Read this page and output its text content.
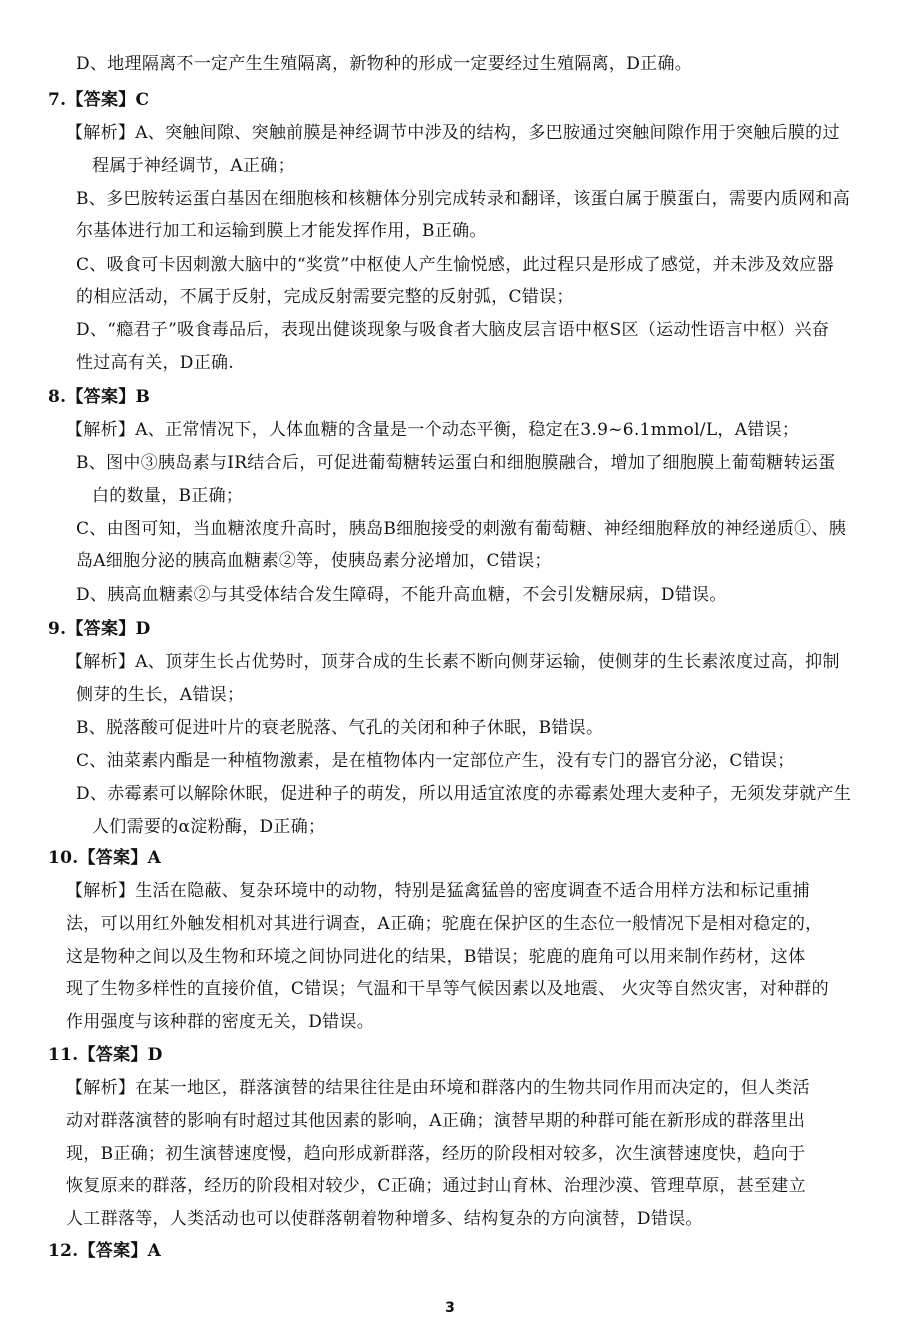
D、地理隔离不一定产生生殖隔离，新物种的形成一定要经过生殖隔离，D正确。
7.【答案】C
【解析】A、突触间隙、突触前膜是神经调节中涉及的结构，多巴胺通过突触间隙作用于突触后膜的过
程属于神经调节，A正确；
B、多巴胺转运蛋白基因在细胞核和核糖体分别完成转录和翻译，该蛋白属于膜蛋白，需要内质网和高
尔基体进行加工和运输到膜上才能发挥作用，B正确。
C、吸食可卡因刺激大脑中的“奖赏”中枢使人产生愉悦感，此过程只是形成了感觉，并未涉及效应器
的相应活动，不属于反射，完成反射需要完整的反射弧，C错误；
D、“瘾君子”吸食毒品后，表现出健谈现象与吸食者大脑皮层言语中枢S区（运动性语言中枢）兴奋
性过高有关，D正确.
8.【答案】B
【解析】A、正常情况下，人体血糖的含量是一个动态平衡，稳定在3.9~6.1mmol/L，A错误；
B、图中③胰岛素与IR结合后，可促进葡萄糖转运蛋白和细胞膜融合，增加了细胞膜上葡萄糖转运蛋
白的数量，B正确；
C、由图可知，当血糖浓度升高时，胰岛B细胞接受的刺激有葡萄糖、神经细胞释放的神经递质①、胰
岛A细胞分泌的胰高血糖素②等，使胰岛素分泌增加，C错误；
D、胰高血糖素②与其受体结合发生障碍，不能升高血糖，不会引发糖尿病，D错误。
9.【答案】D
【解析】A、顶芽生长占优势时，顶芽合成的生长素不断向侧芽运输，使侧芽的生长素浓度过高，抑制
侧芽的生长，A错误；
B、脱落酸可促进叶片的衰老脱落、气孔的关闭和种子休眠，B错误。
C、油菜素内酯是一种植物激素，是在植物体内一定部位产生，没有专门的器官分泌，C错误；
D、赤霉素可以解除休眠，促进种子的萌发，所以用适宜浓度的赤霉素处理大麦种子，无须发芽就产生
人们需要的α淀粉酶，D正确；
10.【答案】A
【解析】生活在隐蔽、复杂环境中的动物，特别是猛禽猛兽的密度调查不适合用样方法和标记重捕
法，可以用红外触发相机对其进行调查，A正确；驼鹿在保护区的生态位一般情况下是相对稳定的，
这是物种之间以及生物和环境之间协同进化的结果，B错误；驼鹿的鹿角可以用来制作药材，这体
现了生物多样性的直接价值，C错误；气温和干旱等气候因素以及地震、 火灾等自然灾害，对种群的
作用强度与该种群的密度无关，D错误。
11.【答案】D
【解析】在某一地区，群落演替的结果往往是由环境和群落内的生物共同作用而决定的，但人类活
动对群落演替的影响有时超过其他因素的影响，A正确；演替早期的种群可能在新形成的群落里出
现，B正确；初生演替速度慢，趋向形成新群落，经历的阶段相对较多，次生演替速度快，趋向于
恢复原来的群落，经历的阶段相对较少，C正确；通过封山育林、治理沙漠、管理草原，甚至建立
人工群落等，人类活动也可以使群落朝着物种增多、结构复杂的方向演替，D错误。
12.【答案】A
3
